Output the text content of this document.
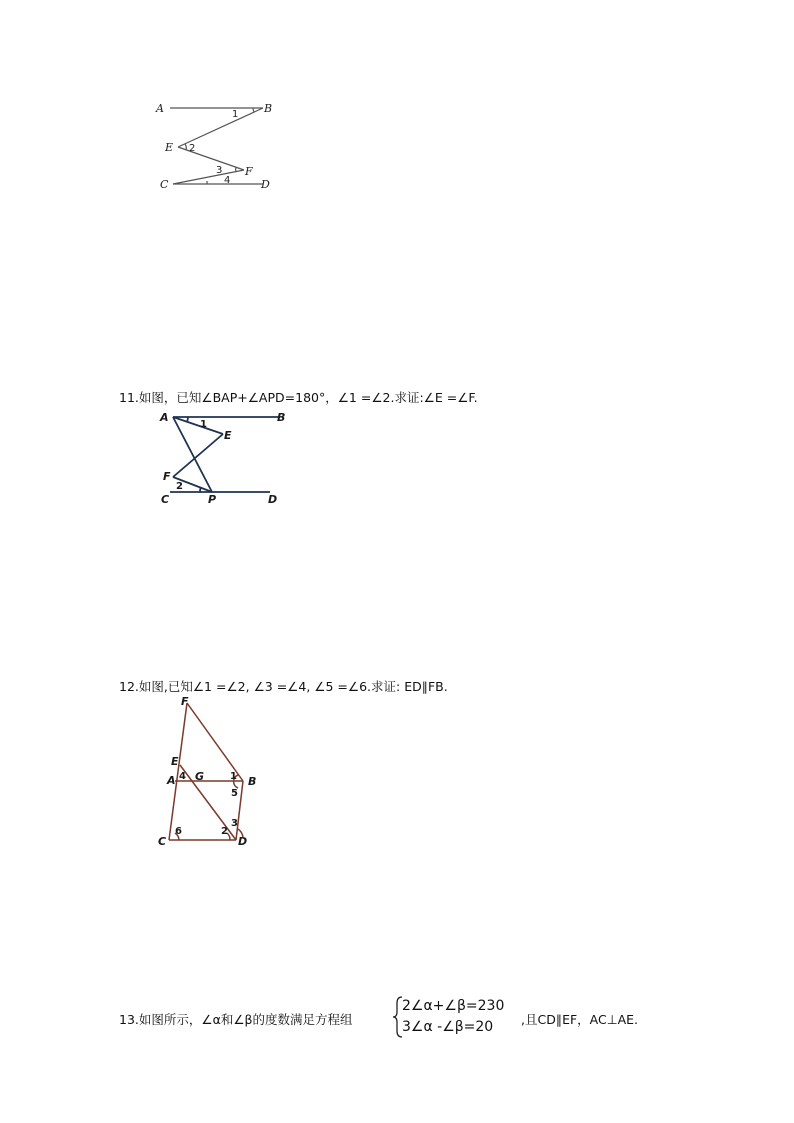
A	B
E
F
C	D
1
2
3
4
11.如图，已知∠BAP+∠APD=180°，∠1 =∠2.求证:∠E =∠F.
A	B
E
F
C	P	D
1
2
12.如图,已知∠1 =∠2, ∠3 =∠4, ∠5 =∠6.求证: ED∥FB.
F
E
A G	B
C	D
1
2
3
4
5
6
13.如图所示，∠α和∠β的度数满足方程组
2∠α+∠β=230
3∠α -∠β=20 ,且CD∥EF，AC⊥AE.
